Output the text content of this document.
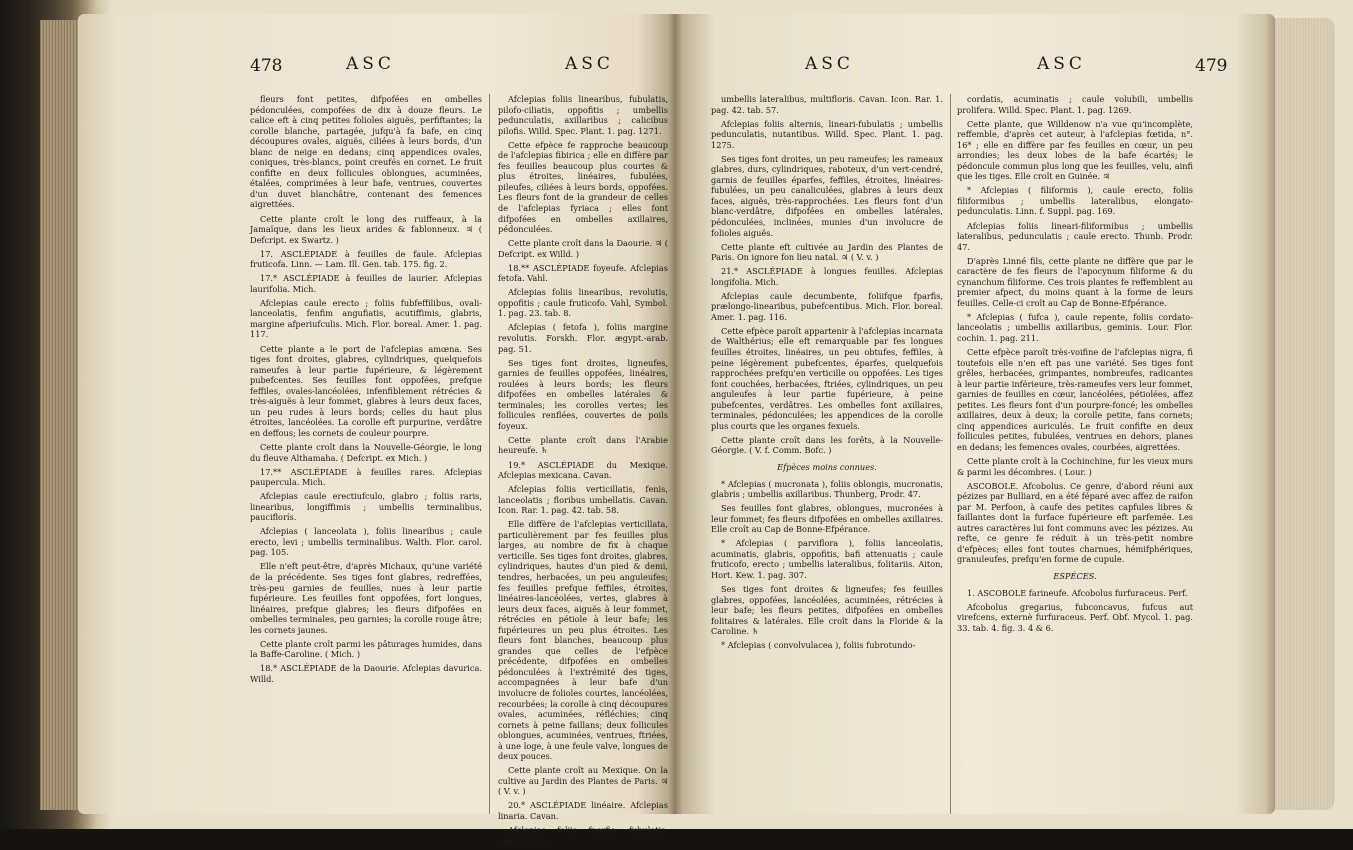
478	ASC	ASC

fleurs font petites, difpofées en ombelles pédonculées, compofées de dix à douze fleurs. Le calice eft à cinq petites folioles aiguës, perfiftantes; la corolle blanche, partagée, jufqu'à fa bafe, en cinq découpures ovales, aiguës, ciliées à leurs bords, d'un blanc de neige en dedans; cinq appendices ovales, coniques, très-blancs, point creufés en cornet. Le fruit confifte en deux follicules oblongues, acuminées, étalées, comprimées à leur bafe, ventrues, couvertes d'un duvet blanchâtre, contenant des femences aigrettées.

Cette plante croît le long des ruiffeaux, à la Jamaïque, dans les lieux arides & fablonneux. ♃ ( Defcript. ex Swartz. )

17. ASCLÉPIADE à feuilles de faule. Afclepias fruticofa. Linn. — Lam. Ill. Gen. tab. 175. fig. 2.

17.* ASCLÉPIADE à feuilles de laurier. Afclepias laurifolia. Mich.

Afclepias caule erecto ; foliis fubfeffilibus, ovali-lanceolatis, fenfim angufiatis, acutiffimis, glabris, margine afperiufculis. Mich. Flor. boreal. Amer. 1. pag. 117.

Cette plante a le port de l'afclepias amœna. Ses tiges font droites, glabres, cylindriques, quelquefois rameufes à leur partie fupérieure, & légèrement pubefcentes. Ses feuilles font oppofées, prefque feffiles, ovales-lancéolées, infenfiblement rétrécies & très-aiguës à leur fommet, glabres à leurs deux faces, un peu rudes à leurs bords; celles du haut plus étroites, lancéolées. La corolle eft purpurine, verdâtre en deffous; les cornets de couleur pourpre.

Cette plante croît dans la Nouvelle-Géorgie, le long du fleuve Althamaha. ( Defcript. ex Mich. )

17.** ASCLÉPIADE à feuilles rares. Afclepias paupercula. Mich.

Afclepias caule erectiufculo, glabro ; foliis raris, linearibus, longiffimis ; umbellis terminalibus, pauciflorís.

Afclepias ( lanceolata ), foliis linearibus ; caule erecto, levi ; umbellis terminalibus. Walth. Flor. carol. pag. 105.

Elle n'eft peut-être, d'après Michaux, qu'une variété de la précédente. Ses tiges font glabres, redreffées, très-peu garnies de feuilles, nues à leur partie fupérieure. Les feuilles font oppofées, fort longues, linéaires, prefque glabres; les fleurs difpofées en ombelles terminales, peu garnies; la corolle rouge âtre; les cornets jaunes.

Cette plante croît parmi les pâturages humides, dans la Baffe-Caroline. ( Mich. )

18.* ASCLÉPIADE de la Daourie. Afclepias davurica. Willd.

Afclepias foliis linearibus, fubulatis, pilofo-ciliatis, oppofitis ; umbellis pedunculatis, axillaribus ; calicibus pilofis. Willd. Spec. Plant. 1. pag. 1271.

Cette efpèce fe rapproche beaucoup de l'afclepias fibirica ; elle en diffère par fes feuilles beaucoup plus courtes & plus étroites, linéaires, fubulées, pileufes, ciliées à leurs bords, oppofées. Les fleurs font de la grandeur de celles de l'afclepias fyriaca ; elles font difpofées en ombelles axillaires, pédonculées.

Cette plante croît dans la Daourie. ♃ ( Defcript. ex Willd. )

18.** ASCLÉPIADE foyeufe. Afclepias fetofa. Vahl.

Afclepias foliis linearibus, revolutis, oppofitis ; caule fruticofo. Vahl, Symbol. 1. pag. 23. tab. 8.

Afclepias ( fetofa ), foliis margine revolutis. Forskh. Flor. ægypt.-arab. pag. 51.

Ses tiges font droites, ligneufes, garnies de feuilles oppofées, linéaires, roulées à leurs bords; les fleurs difpofées en ombelles latérales & terminales; les corolles vertes; les follicules renflées, couvertes de poils foyeux.

Cette plante croît dans l'Arabie heureufe. ♄

19.* ASCLÉPIADE du Mexique. Afclepias mexicana. Cavan.

Afclepias foliis verticillatis, fenis, lanceolatis ; floribus umbellatis. Cavan. Icon. Rar. 1. pag. 42. tab. 58.

Elle diffère de l'afclepias verticillata, particulièrement par fes feuilles plus larges, au nombre de fix à chaque verticille. Ses tiges font droites, glabres, cylindriques, hautes d'un pied & demi, tendres, herbacées, un peu anguleufes; fes feuilles prefque feffiles, étroites, linéaires-lancéolées, vertes, glabres à leurs deux faces, aiguës à leur fommet, rétrécies en pétiole à leur bafe; les fupérieures un peu plus étroites. Les fleurs font blanches, beaucoup plus grandes que celles de l'efpèce précédente, difpofées en ombelles pédonculées à l'extrémité des tiges, accompagnées à leur bafe d'un involucre de folioles courtes, lancéolées, recourbées; la corolle à cinq découpures ovales, acuminées, réfléchies; cinq cornets à peine faillans; deux follicules oblongues, acuminées, ventrues, ftriées, à une loge, à une feule valve, longues de deux pouces.

Cette plante croît au Mexique. On la cultive au Jardin des Plantes de Paris. ♃ ( V. v. )

20.* ASCLÉPIADE linéaire. Afclepias linaria. Cavan.

Afclepias foliis fparfis, fubulatis, canaliculatis ;

ASC	ASC	479

umbellis lateralibus, multifloris. Cavan. Icon. Rar. 1. pag. 42. tab. 57.

Afclepias foliis alternis, lineari-fubulatis ; umbellis pedunculatis, nutantibus. Willd. Spec. Plant. 1. pag. 1275.

Ses tiges font droites, un peu rameufes; les rameaux glabres, durs, cylindriques, raboteux, d'un vert-cendré, garnis de feuilles éparfes, feffiles, étroites, linéaires-fubulées, un peu canaliculées, glabres à leurs deux faces, aiguës, très-rapprochées. Les fleurs font d'un blanc-verdâtre, difpofées en ombelles latérales, pédonculées, inclinées, munies d'un involucre de folioles aiguës.

Cette plante eft cultivée au Jardin des Plantes de Paris. On ignore fon lieu natal. ♃ ( V. v. )

21.* ASCLÉPIADE à longues feuilles. Afclepias longifolia. Mich.

Afclepias caule decumbente, foliifque fparfis, prælongo-linearibus, pubefcentibus. Mich. Flor. boreal. Amer. 1. pag. 116.

Cette efpèce paroît appartenir à l'afclepias incarnata de Walthérius; elle eft remarquable par fes longues feuilles étroites, linéaires, un peu obtufes, feffiles, à peine légèrement pubefcentes, éparfes, quelquefois rapprochées prefqu'en verticille ou oppofées. Les tiges font couchées, herbacées, ftriées, cylindriques, un peu anguleufes à leur partie fupérieure, à peine pubefcentes, verdâtres. Les ombelles font axillaires, terminales, pédonculées; les appendices de la corolle plus courts que les organes fexuels.

Cette plante croît dans les forêts, à la Nouvelle-Géorgie. ( V. f. Comm. Bofc. )

Efpèces moins connues.

* Afclepias ( mucronata ), foliis oblongis, mucronatis, glabris ; umbellis axillaribus. Thunberg, Prodr. 47.

Ses feuilles font glabres, oblongues, mucronées à leur fommet; fes fleurs difpofées en ombelles axillaires. Elle croît au Cap de Bonne-Efpérance.

* Afclepias ( parviflora ), foliis lanceolatis, acuminatis, glabris, oppofitis, bafi attenuatis ; caule fruticofo, erecto ; umbellis lateralibus, folitariis. Aiton, Hort. Kew. 1. pag. 307.

Ses tiges font droites & ligneufes; fes feuilles glabres, oppofées, lancéolées, acuminées, rétrécies à leur bafe; les fleurs petites, difpofées en ombelles folitaires & latérales. Elle croît dans la Floride & la Caroline. ♄

* Afclepias ( convolvulacea ), foliis fubrotundo-

cordatis, acuminatis ; caule volubili, umbellis prolifera. Willd. Spec. Plant. 1. pag. 1269.

Cette plante, que Willdenow n'a vue qu'incomplète, reffemble, d'après cet auteur, à l'afclepias fœtida, n°. 16* ; elle en diffère par fes feuilles en cœur, un peu arrondies; les deux lobes de la bafe écartés; le pédoncule commun plus long que les feuilles, velu, ainfi que les tiges. Elle croît en Guinée. ♃

* Afclepias ( filiformis ), caule erecto, foliis filiformibus ; umbellis lateralibus, elongato-pedunculatis. Linn. f. Suppl. pag. 169.

Afclepias foliis lineari-filiformibus ; umbellis lateralibus, pedunculatis ; caule erecto. Thunb. Prodr. 47.

D'après Linné fils, cette plante ne diffère que par le caractère de fes fleurs de l'apocynum filiforme & du cynanchum filiforme. Ces trois plantes fe reffemblent au premier afpect, du moins quant à la forme de leurs feuilles. Celle-ci croît au Cap de Bonne-Efpérance.

* Afclepias ( fufca ), caule repente, foliis cordato-lanceolatis ; umbellis axillaribus, geminis. Lour. Flor. cochin. 1. pag. 211.

Cette efpèce paroît très-voifine de l'afclepias nigra, fi toutefois elle n'en eft pas une variété. Ses tiges font grêles, herbacées, grimpantes, nombreufes, radicantes à leur partie inférieure, très-rameufes vers leur fommet, garnies de feuilles en cœur, lancéolées, pétiolées, affez petites. Les fleurs font d'un pourpre-foncé; les ombelles axillaires, deux à deux; la corolle petite, fans cornets; cinq appendices auriculés. Le fruit confifte en deux follicules petites, fubulées, ventrues en dehors, planes en dedans; les femences ovales, courbées, aigrettées.

Cette plante croît à la Cochinchine, fur les vieux murs & parmi les décombres. ( Lour. )

ASCOBOLE. Afcobolus. Ce genre, d'abord réuni aux pézizes par Bulliard, en a été féparé avec affez de raifon par M. Perfoon, à caufe des petites capfules libres & faillantes dont la furface fupérieure eft parfemée. Les autres caractères lui font communs avec les pézizes. Au refte, ce genre fe réduit à un très-petit nombre d'efpèces; elles font toutes charnues, hémifphériques, granuleufes, prefqu'en forme de cupule.

ESPÈCES.

1. ASCOBOLE farineufe. Afcobolus furfuraceus. Perf.

Afcobolus gregarius, fubconcavus, fufcus aut virefcens, externè furfuraceus. Perf. Obf. Mycol. 1. pag. 33. tab. 4. fig. 3. 4 & 6.
